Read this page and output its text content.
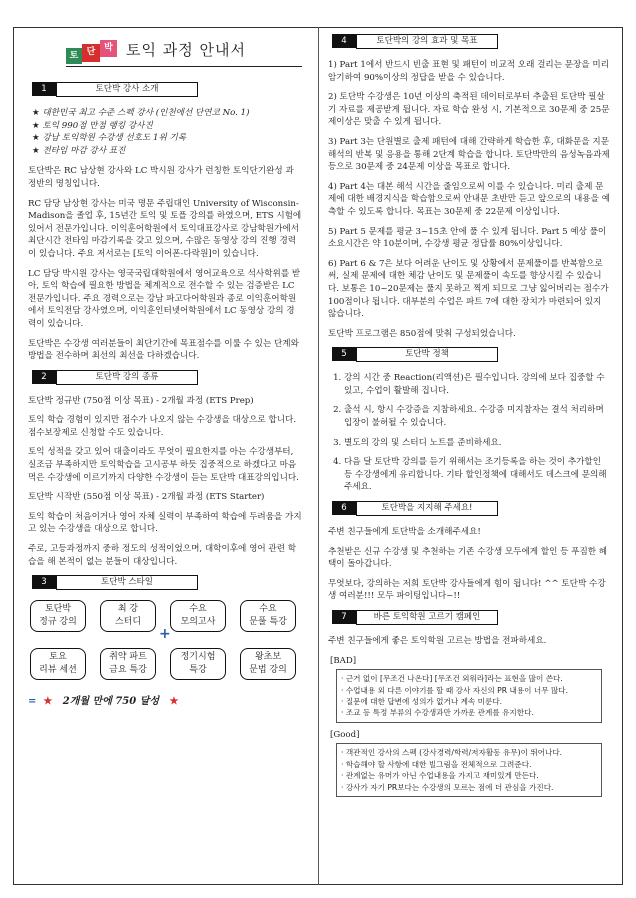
토 단 박 토익 과정 안내서
1	토단박 강사 소개
★ 대한민국 최고 수준 스펙 강사 (인천에선 단연코 No. 1)
★ 토익 990점 만점 랭킹 강사진
★ 강남 토익학원 수강생 선호도 1위 기록
★ 전타임 마감 강사 표진

토단박은 RC 남상현 강사와 LC 박시원 강사가 런칭한 토익단기완성 과정반의 명칭입니다.

RC 담당 남상현 강사는 미국 명문 주립대인 University of Wisconsin-Madison을 졸업 후, 15년간 토익 및 토플 강의를 하였으며, ETS 시험에 있어서 전문가입니다. 이익훈어학원에서 토익대표강사로 강남학원가에서 최단시간 전타임 마감기록을 갖고 있으며, 수많은 동영상 강의 진행 경력이 있습니다. 주요 저서로는 [토익 이어폰-다락원]이 있습니다.

LC 담당 박시원 강사는 영국국립대학원에서 영어교육으로 석사학위를 받아, 토익 학습에 필요한 방법을 체계적으로 전수할 수 있는 검증받은 LC 전문가입니다. 주요 경력으로는 강남 파고다어학원과 종로 이익훈어학원에서 토익전담 강사였으며, 이익훈인터넷어학원에서 LC 동영상 강의 경력이 있습니다.

토단박은 수강생 여러분들이 최단기간에 목표점수를 이룰 수 있는 단계와 방법을 전수하며 최선의 최선을 다하겠습니다.

2	토단박 강의 종류

토단박 정규반 (750점 이상 목표) - 2개월 과정 (ETS Prep)

토익 학습 경험이 있지만 점수가 나오지 않는 수강생을 대상으로 합니다. 점수보장제로 신청할 수도 있습니다.

토익 성적을 갖고 있어 대출이라도 무엇이 필요한지를 아는 수강생부터, 실조금 부족하지만 토익학습을 고시공부 하듯 집중적으로 하겠다고 마음먹은 수강생에 이르기까지 다양한 수강생이 듣는 토단박 대표강의입니다.

토단박 시작반 (550점 이상 목표) - 2개월 과정 (ETS Starter)

토익 학습이 처음이거나 영어 자체 실력이 부족하여 학습에 두려움을 가지고 있는 수강생을 대상으로 합니다.

주로, 고등과정까지 중하 정도의 성적이었으며, 대학이후에 영어 관련 학습을 해 본적이 없는 분들이 대상입니다.

3	토단박 스타일
토단박
정규 강의
최 강
스터디
수요
모의고사
수요
문풀 특강
토요
리뷰 세션
취약 파트
금요 특강
정기시험
특강
왕초보
문법 강의
+
=  ★   2개월 만에 750 달성   ★
4	토단박의 강의 효과 및 목표

1) Part 1에서 반드시 빈출 표현 및 패턴이 비교적 오래 걸리는 문장을 미리 암기하여 90%이상의 정답을 받을 수 있습니다.

2) 토단박 수강생은 10년 이상의 축적된 데이터로부터 추출된 토단박 필살기 자료를 제공받게 됩니다. 자료 학습 완성 시, 기본적으로 30문제 중 25문제이상은 맞출 수 있게 됩니다.

3) Part 3는 단원별로 출제 패턴에 대해 간략하게 학습한 후, 대화문을 지문해석의 반복 및 응용을 통해 2단계 학습을 합니다. 토단박만의 음성녹음과제 등으로 30문제 중 24문제 이상을 목표로 합니다.

4) Part 4는 대본 해석 시간을 줄임으로써 이를 수 있습니다. 미리 출제 문제에 대한 배경지식을 학습함으로써 안내문 초반만 듣고 앞으로의 내용을 예측할 수 있도록 합니다. 목표는 30문제 중 22문제 이상입니다.

5) Part 5 문제를 평균 3~15초 안에 풀 수 있게 됩니다. Part 5 예상 풀이소요시간은 약 10분이며, 수강생 평균 정답률 80%이상입니다.

6) Part 6 & 7은 보다 어려운 난이도 및 상황에서 문제풀이를 반복함으로써, 실제 문제에 대한 체감 난이도 및 문제풀이 속도를 향상시킬 수 있습니다. 보통은 10~20문제는 풀지 못하고 찍게 되므로 그냥 잃어버리는 점수가 100점이나 됩니다. 대부분의 수업은 파트 7에 대한 장치가 마련되어 있지 않습니다.

토단박 프로그램은 850점에 맞춰 구성되었습니다.

5	토단박 정책
1. 강의 시간 중 Reaction(리액션)은 필수입니다. 강의에 보다 집중할 수 있고, 수업이 활발해 집니다.
2. 출석 시, 항시 수강증을 지참하세요. 수강증 미지참자는 결석 처리하며 입장이 불허될 수 있습니다.
3. 별도의 강의 및 스터디 노트를 준비하세요.
4. 다음 달 토단박 강의를 듣기 위해서는 조기등록을 하는 것이 추가할인 등 수강생에게 유리합니다. 기타 할인정책에 대해서도 데스크에 문의해 주세요.
6	토단박을 지지해 주세요!

주변 친구들에게 토단박을 소개해주세요!

추천받은 신규 수강생 및 추천하는 기존 수강생 모두에게 할인 등 푸짐한 혜택이 돌아갑니다.

무엇보다, 강의하는 저희 토단박 강사들에게 힘이 됩니다! ^^ 토단박 수강생 여러분!!! 모두 파이팅입니다~!!

7	바른 토익학원 고르기 캠페인

주변 친구들에게 좋은 토익학원 고르는 방법을 전파하세요.

[BAD]
· 근거 없이 [무조건 나온다] [무조건 외워라]라는 표현을 많이 쓴다.
· 수업내용 외 다른 이야기를 할 때 강사 자신의 PR 내용이 너무 많다.
· 질문에 대한 답변에 성의가 없거나 계속 미룬다.
· 조교 등 특정 부류의 수강생과만 가까운 관계를 유지한다.
[Good]
· 객관적인 강사의 스펙 (강사경력/학력/저자활동 유무)이 뛰어나다.
· 학습해야 할 사항에 대한 빌그림을 전체적으로 그려준다.
· 관계없는 유머가 아닌 수업내용을 가지고 재미있게 만든다.
· 강사가 자기 PR보다는 수강생의 모르는 점에 더 관심을 가진다.
